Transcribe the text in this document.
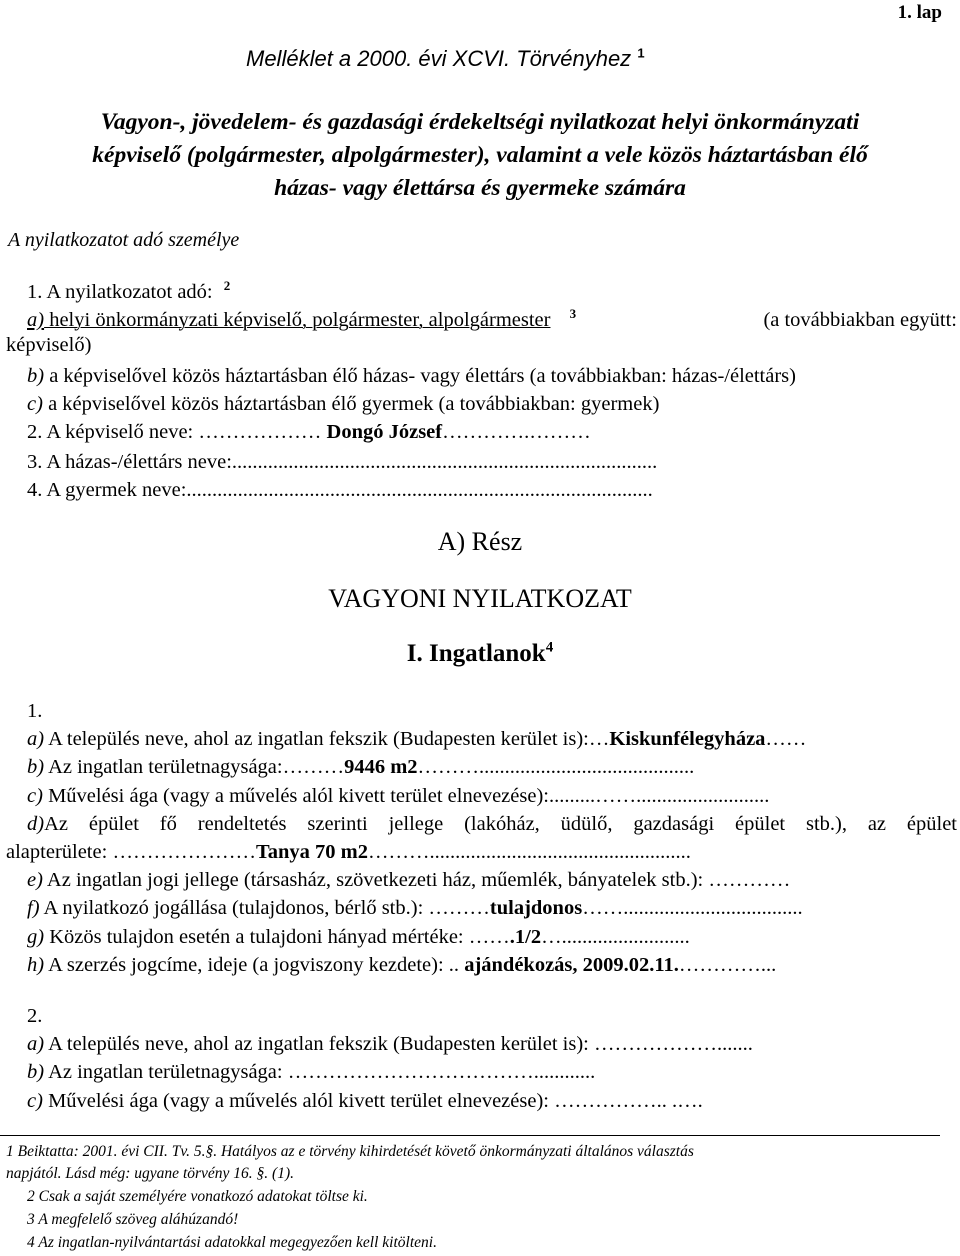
1. lap
Melléklet a 2000. évi XCVI. Törvényhez $^1$
Vagyon-, jövedelem- és gazdasági érdekeltségi nyilatkozat helyi önkormányzati
képviselő (polgármester, alpolgármester), valamint a vele közös háztartásban élő
házas- vagy élettársa és gyermeke számára
A nyilatkozatot adó személye
1. A nyilatkozatot adó: $^2$
a) helyi önkormányzati képviselő, polgármester, alpolgármester $^3$	(a továbbiakban együtt:
képviselő)
b) a képviselővel közös háztartásban élő házas- vagy élettárs (a továbbiakban: házas-/élettárs)
c) a képviselővel közös háztartásban élő gyermek (a továbbiakban: gyermek)
2. A képviselő neve: ……………… Dongó József………….………
3. A házas-/élettárs neve:...................................................................................
4. A gyermek neve:...........................................................................................
A) Rész
VAGYONI NYILATKOZAT
I. Ingatlanok$^4$
1.
a) A település neve, ahol az ingatlan fekszik (Budapesten kerület is):…Kiskunfélegyháza……
b) Az ingatlan területnagysága:………9446 m2………..........................................
c) Művelési ága (vagy a művelés alól kivett terület elnevezése):.........……..........................
d) Az épület fő rendeltetés szerinti jellege (lakóház, üdülő, gazdasági épület stb.), az épület
alapterülete: …………………Tanya 70 m2………...................................................
e) Az ingatlan jogi jellege (társasház, szövetkezeti ház, műemlék, bányatelek stb.): …………
f) A nyilatkozó jogállása (tulajdonos, bérlő stb.): ………tulajdonos……...................................
g) Közös tulajdon esetén a tulajdoni hányad mértéke: …….1/2….........................
h) A szerzés jogcíme, ideje (a jogviszony kezdete): .. ajándékozás, 2009.02.11.…………...
2.
a) A település neve, ahol az ingatlan fekszik (Budapesten kerület is): ……………….......
b) Az ingatlan területnagysága: ………………………………............
c) Művelési ága (vagy a művelés alól kivett terület elnevezése): …………….. .….
1 Beiktatta: 2001. évi CII. Tv. 5.§. Hatályos az e törvény kihirdetését követő önkormányzati általános választás
napjától. Lásd még: ugyane törvény 16. §. (1).
2 Csak a saját személyére vonatkozó adatokat töltse ki.
3 A megfelelő szöveg aláhúzandó!
4 Az ingatlan-nyilvántartási adatokkal megegyezően kell kitölteni.
